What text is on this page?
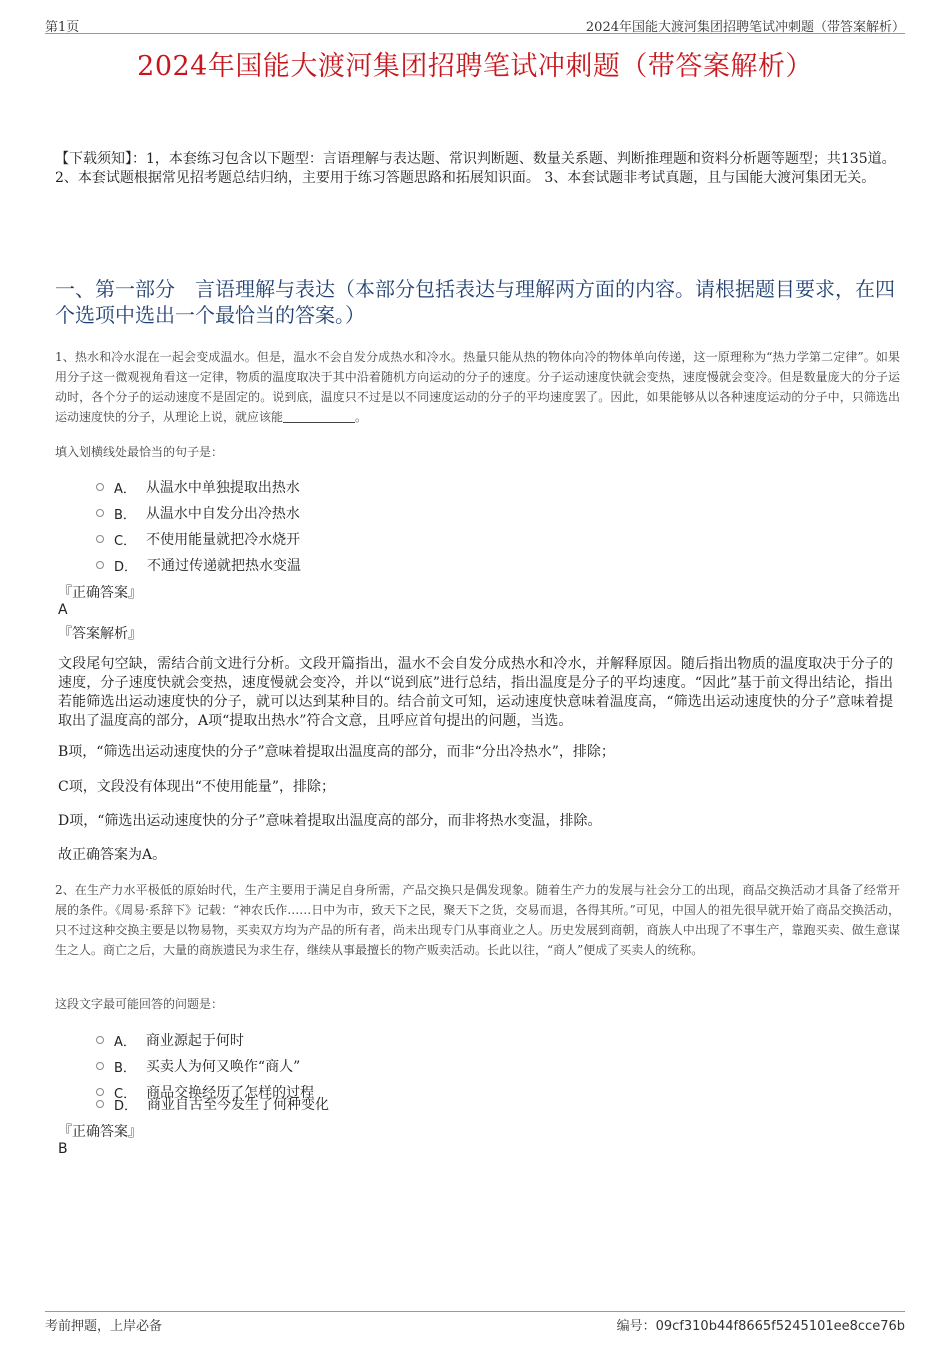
第1页	2024年国能大渡河集团招聘笔试冲刺题（带答案解析）
2024年国能大渡河集团招聘笔试冲刺题（带答案解析）
【下载须知】：1，本套练习包含以下题型：言语理解与表达题、常识判断题、数量关系题、判断推理题和资料分析题等题型；共135道。 2、本套试题根据常见招考题总结归纳，主要用于练习答题思路和拓展知识面。 3、本套试题非考试真题，且与国能大渡河集团无关。
一、第一部分　言语理解与表达（本部分包括表达与理解两方面的内容。请根据题目要求，在四个选项中选出一个最恰当的答案。）
1、热水和冷水混在一起会变成温水。但是，温水不会自发分成热水和冷水。热量只能从热的物体向冷的物体单向传递，这一原理称为“热力学第二定律”。如果用分子这一微观视角看这一定律，物质的温度取决于其中沿着随机方向运动的分子的速度。分子运动速度快就会变热，速度慢就会变冷。但是数量庞大的分子运动时，各个分子的运动速度不是固定的。说到底，温度只不过是以不同速度运动的分子的平均速度罢了。因此，如果能够从以各种速度运动的分子中，只筛选出运动速度快的分子，从理论上说，就应该能＿＿＿＿＿＿。
填入划横线处最恰当的句子是：
A． 从温水中单独提取出热水
B． 从温水中自发分出冷热水
C． 不使用能量就把冷水烧开
D． 不通过传递就把热水变温
『正确答案』
A
『答案解析』
文段尾句空缺，需结合前文进行分析。文段开篇指出，温水不会自发分成热水和冷水，并解释原因。随后指出物质的温度取决于分子的速度，分子速度快就会变热，速度慢就会变冷，并以“说到底”进行总结，指出温度是分子的平均速度。“因此”基于前文得出结论，指出若能筛选出运动速度快的分子，就可以达到某种目的。结合前文可知，运动速度快意味着温度高，“筛选出运动速度快的分子”意味着提取出了温度高的部分，A项“提取出热水”符合文意，且呼应首句提出的问题，当选。
B项，“筛选出运动速度快的分子”意味着提取出温度高的部分，而非“分出冷热水”，排除；
C项，文段没有体现出“不使用能量”，排除；
D项，“筛选出运动速度快的分子”意味着提取出温度高的部分，而非将热水变温，排除。
故正确答案为A。
2、在生产力水平极低的原始时代，生产主要用于满足自身所需，产品交换只是偶发现象。随着生产力的发展与社会分工的出现，商品交换活动才具备了经常开展的条件。《周易·系辞下》记载：“神农氏作……日中为市，致天下之民，聚天下之货，交易而退，各得其所。”可见，中国人的祖先很早就开始了商品交换活动，只不过这种交换主要是以物易物，买卖双方均为产品的所有者，尚未出现专门从事商业之人。历史发展到商朝，商族人中出现了不事生产，靠跑买卖、做生意谋生之人。商亡之后，大量的商族遗民为求生存，继续从事最擅长的物产贩卖活动。长此以往，“商人”便成了买卖人的统称。
这段文字最可能回答的问题是：
A． 商业源起于何时
B． 买卖人为何又唤作“商人”
C． 商品交换经历了怎样的过程
D． 商业自古至今发生了何种变化
『正确答案』
B
考前押题，上岸必备	编号：09cf310b44f8665f5245101ee8cce76b
